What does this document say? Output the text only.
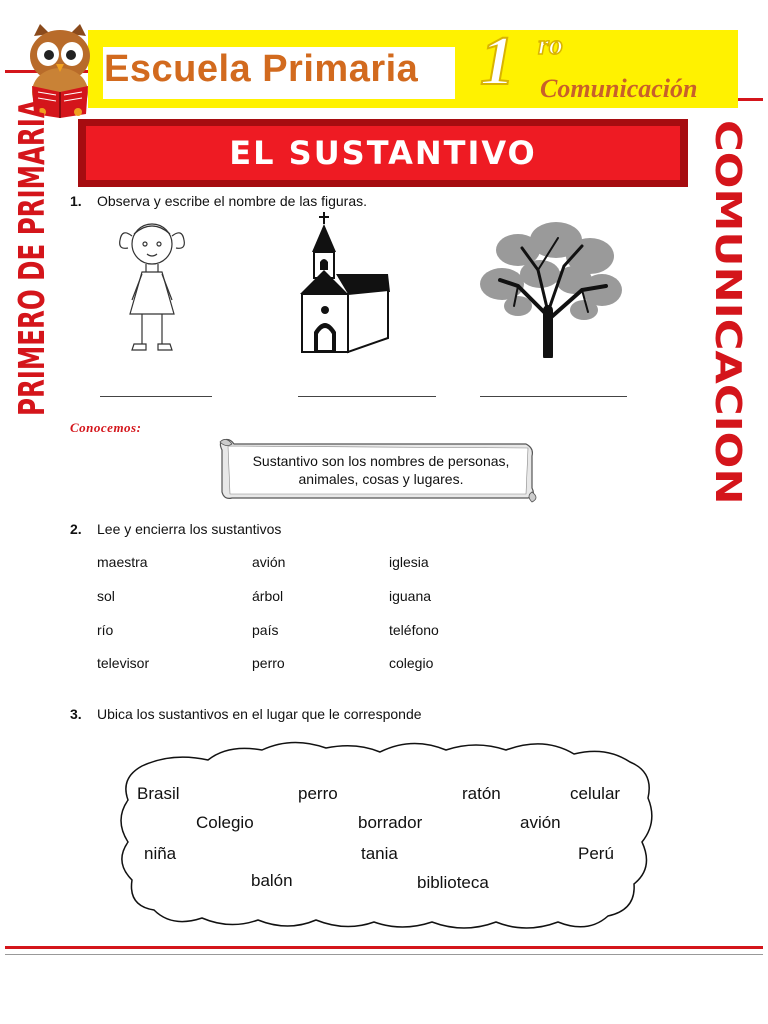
Escuela Primaria 1 ro
Comunicación
EL SUSTANTIVO
PRIMERO DE PRIMARIA	COMUNICACION
1. Observa y escribe el nombre de las figuras.
Conocemos:
Sustantivo son los nombres de personas, animales, cosas y lugares.
2. Lee y encierra los sustantivos
maestra	avión	iglesia
sol	árbol	iguana
río	país	teléfono
televisor	perro	colegio
3. Ubica los sustantivos en el lugar que le corresponde
Brasil	perro	ratón	celular
Colegio	borrador	avión
niña	tania	Perú
balón	biblioteca
